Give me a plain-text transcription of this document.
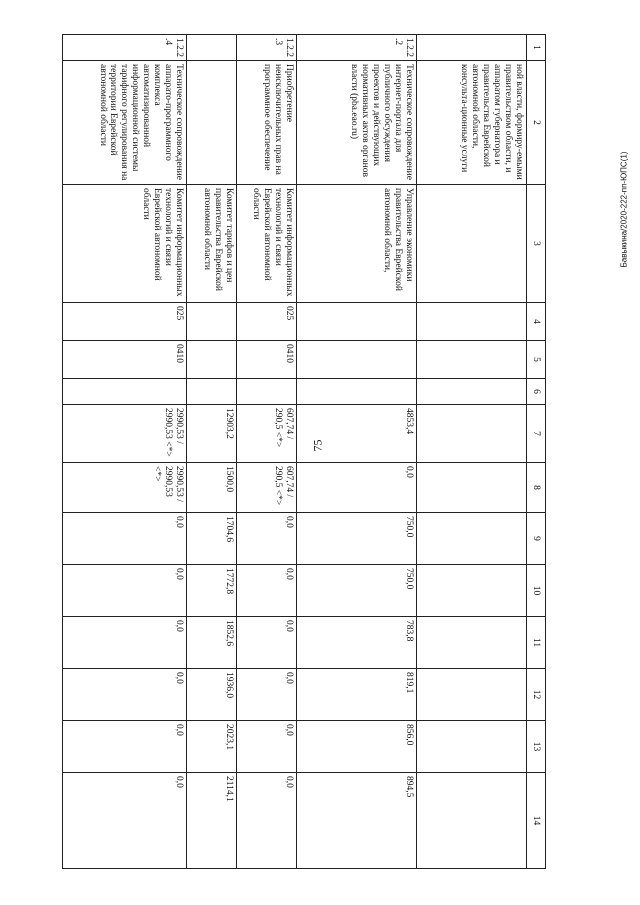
75
Бавыкина/2020-222-пп-ЮПС(1)
1	2	3	4	5	6	7	8	9	10	11	12	13	14
	ной власти, формиру-емыми правительством области, и аппаратом губернатора и правительства Еврейской автономной области, консульта-ционные услуги												
1.2.2.2	Техническое сопровождение интернет-портала для публичного обсуждения проектов и действующих нормативных актов органов власти (pba.eao.ru)	Управление экономики правительства Еврейской автономной области,				4853,4	0,0	750,0	750,0	783,8	819,1	856,0	894,5
1.2.2.3	Приобретение неисключительных прав на программное обеспечение	Комитет информационных технологий и связи Еврейской автономной области	025	0410		607,74 / 290,5 <*>	607,74 / 290,5 <*>	0,0	0,0	0,0	0,0	0,0	0,0
		Комитет тарифов и цен правительства Еврейской автономной области				12903,2	1500,0	1704,6	1772,8	1852,6	1936,0	2023,1	2114,1
1.2.2.4	Техническое сопровождение аппарато-программного комплекса автоматизированной информационной системы тарифного регулирования на территории Еврейской автономной области	Комитет информационных технологий и связи Еврейской автономной области	025	0410		2990,53 / 2990,53 <*>	2990,53 / 2990,53 <*>	0,0	0,0	0,0	0,0	0,0	0,0
